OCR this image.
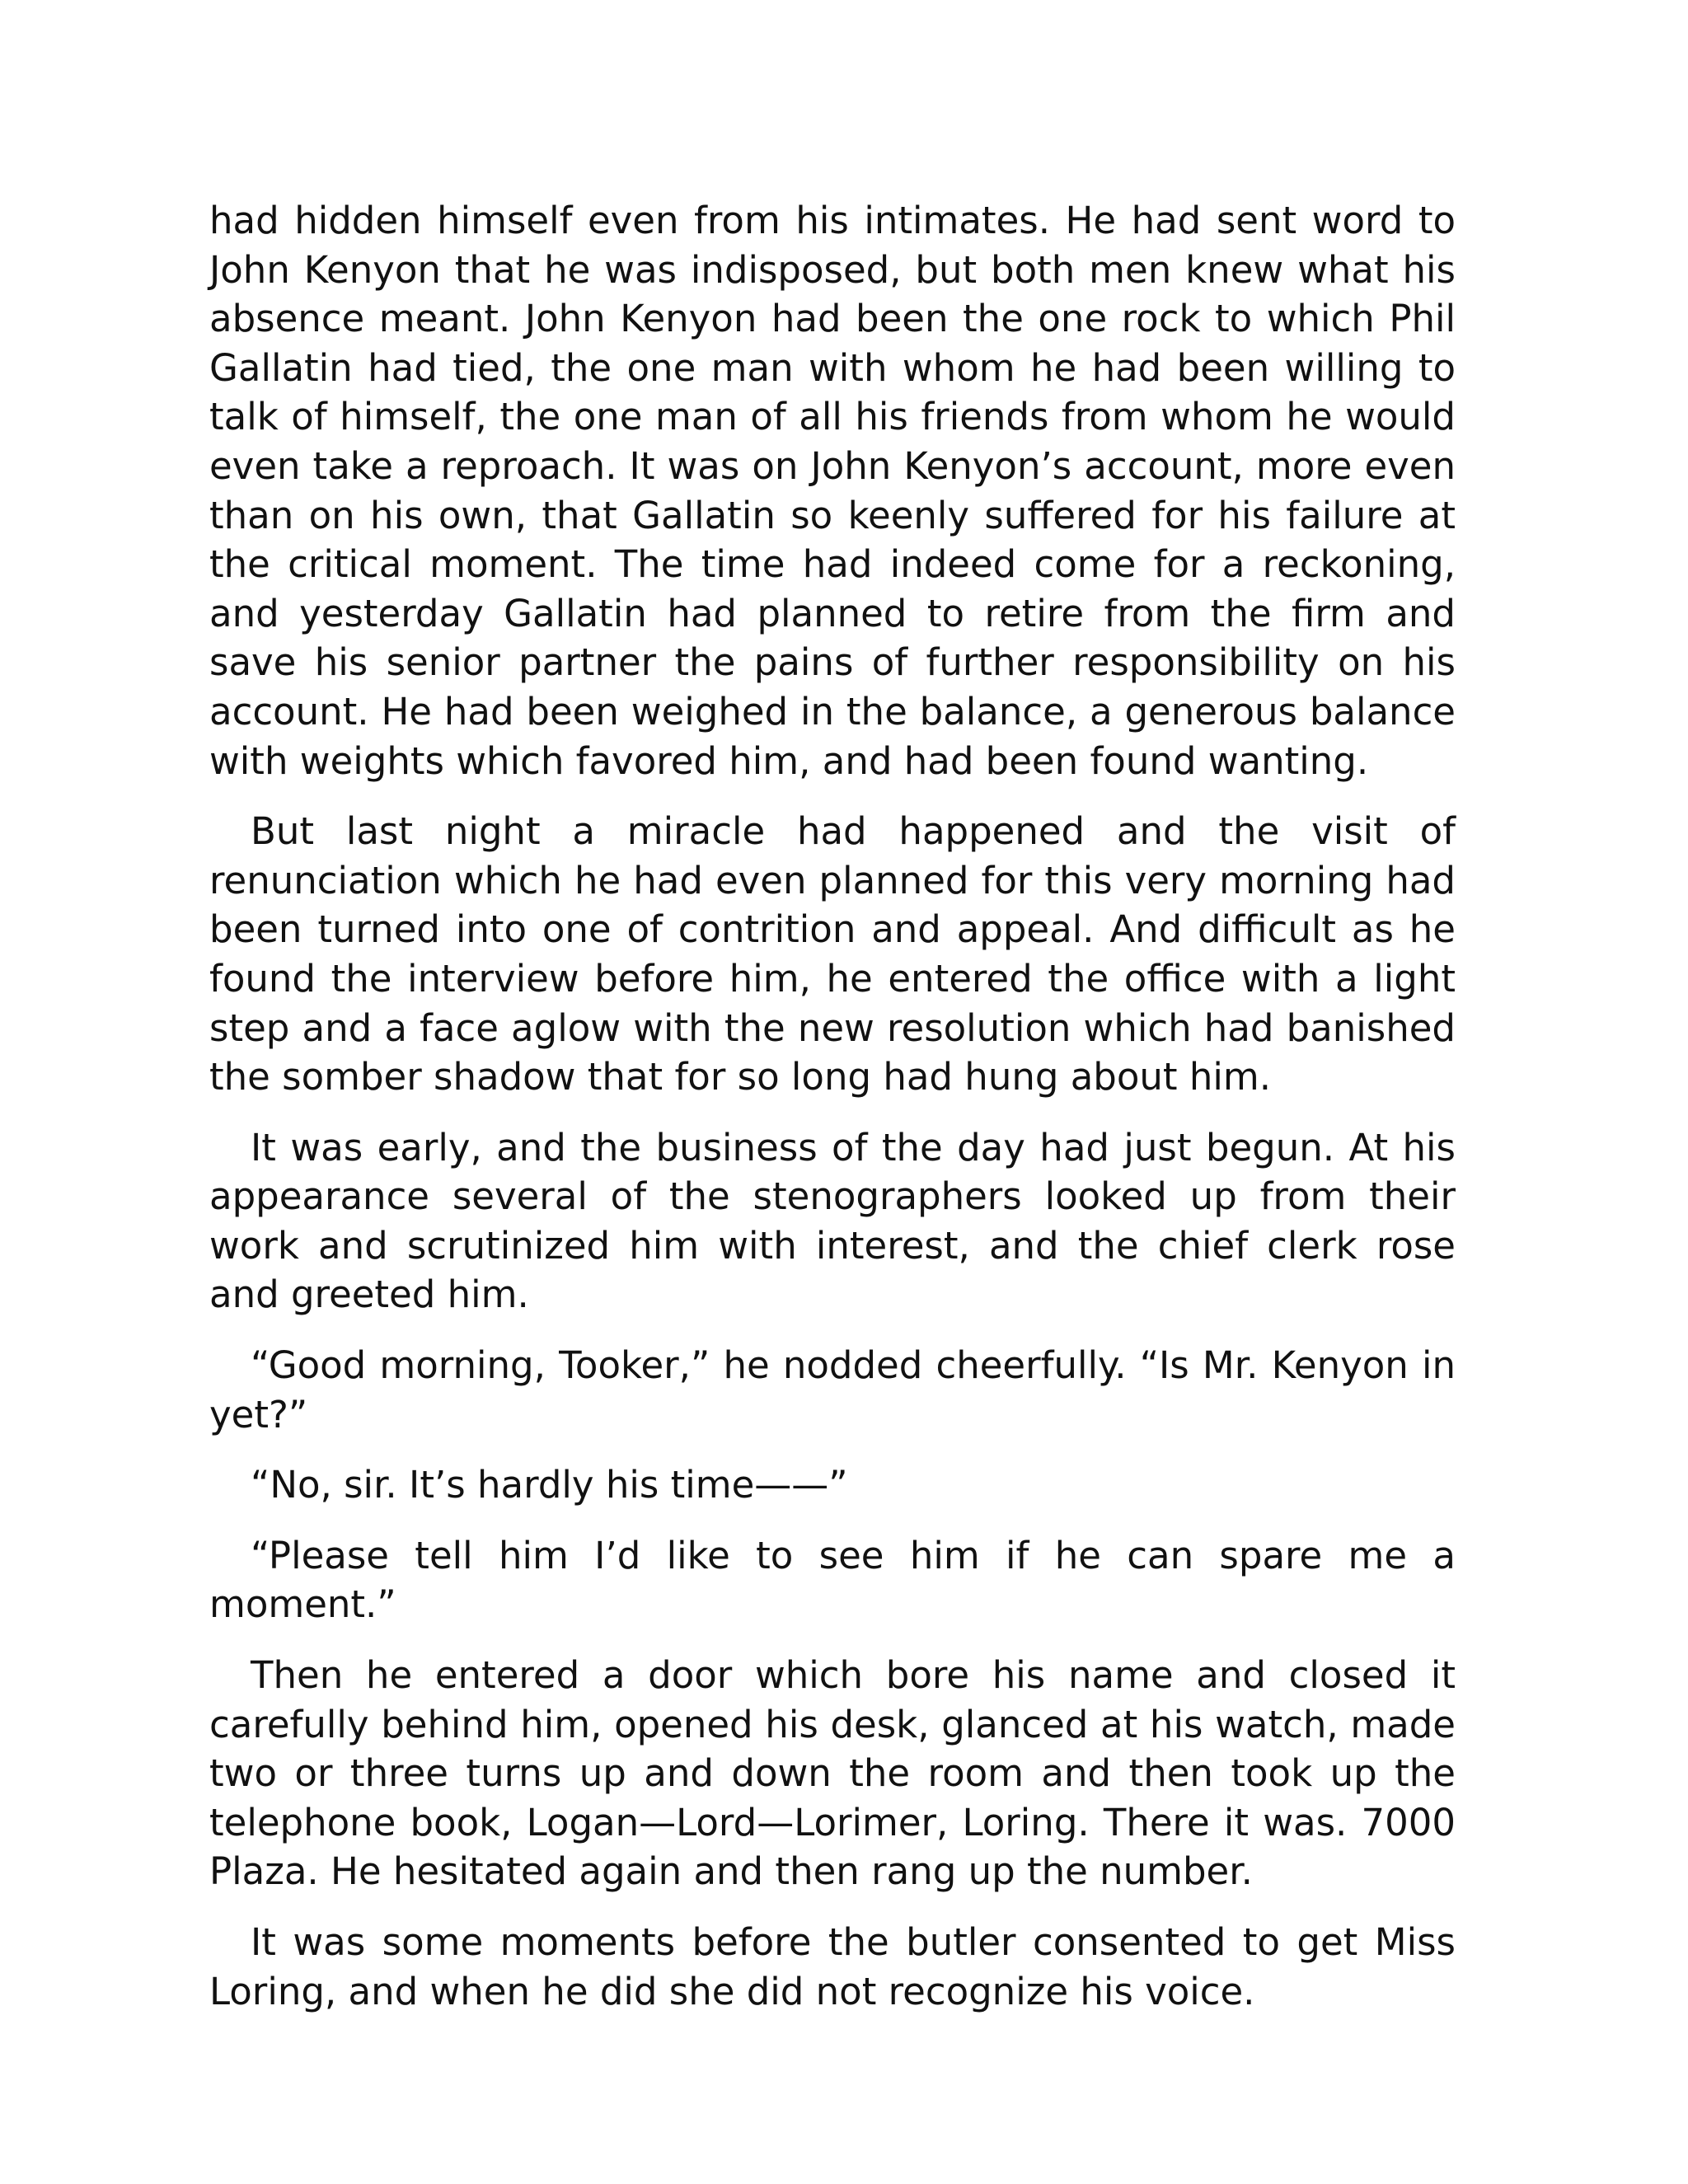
had hidden himself even from his intimates. He had sent word to John Kenyon that he was indisposed, but both men knew what his absence meant. John Kenyon had been the one rock to which Phil Gallatin had tied, the one man with whom he had been willing to talk of himself, the one man of all his friends from whom he would even take a reproach. It was on John Kenyon’s account, more even than on his own, that Gallatin so keenly suffered for his failure at the critical moment. The time had indeed come for a reckoning, and yesterday Gallatin had planned to retire from the firm and save his senior partner the pains of further responsibility on his account. He had been weighed in the balance, a generous balance with weights which favored him, and had been found wanting.

But last night a miracle had happened and the visit of renunciation which he had even planned for this very morning had been turned into one of contrition and appeal. And difficult as he found the interview before him, he entered the office with a light step and a face aglow with the new resolution which had banished the somber shadow that for so long had hung about him.

It was early, and the business of the day had just begun. At his appearance several of the stenographers looked up from their work and scrutinized him with interest, and the chief clerk rose and greeted him.

“Good morning, Tooker,” he nodded cheerfully. “Is Mr. Kenyon in yet?”

“No, sir. It’s hardly his time——”

“Please tell him I’d like to see him if he can spare me a moment.”

Then he entered a door which bore his name and closed it carefully behind him, opened his desk, glanced at his watch, made two or three turns up and down the room and then took up the telephone book, Logan—Lord—Lorimer, Loring. There it was. 7000 Plaza. He hesitated again and then rang up the number.

It was some moments before the butler consented to get Miss Loring, and when he did she did not recognize his voice.
